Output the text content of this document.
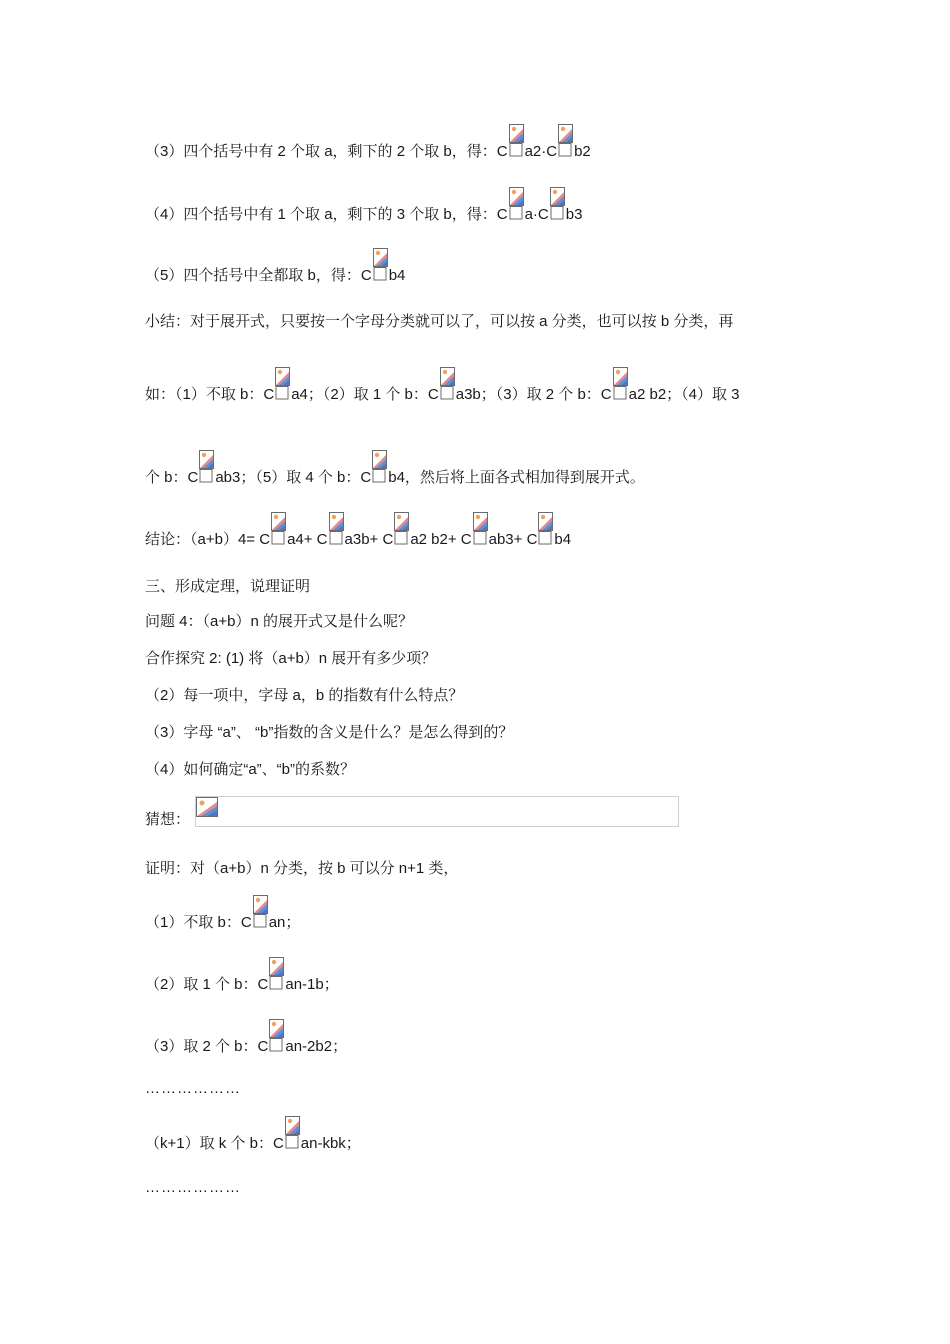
（3）四个括号中有 2 个取 a，剩下的 2 个取 b，得：C a2·C b2
（4）四个括号中有 1 个取 a，剩下的 3 个取 b，得：C a·C b3
（5）四个括号中全都取 b，得：C b4
小结：对于展开式，只要按一个字母分类就可以了，可以按 a 分类，也可以按 b 分类，再
如：（1）不取 b：C a4；（2）取 1 个 b：C a3b；（3）取 2 个 b：C a2 b2；（4）取 3
个 b：C ab3；（5）取 4 个 b：C b4，然后将上面各式相加得到展开式。
结论：（a+b）4= C a4+ C a3b+ C a2 b2+ C ab3+ C b4
三、形成定理，说理证明
问题 4：（a+b）n 的展开式又是什么呢？
合作探究 2: (1) 将（a+b）n 展开有多少项？
（2）每一项中，字母 a，b 的指数有什么特点？
（3）字母 “a”、 “b”指数的含义是什么？是怎么得到的？
（4）如何确定“a”、“b”的系数？
猜想：
证明：对（a+b）n 分类，按 b 可以分 n+1 类，
（1）不取 b：C an；
（2）取 1 个 b：C an-1b；
（3）取 2 个 b：C an-2b2；
………………
（k+1）取 k 个 b：C an-kbk；
………………
